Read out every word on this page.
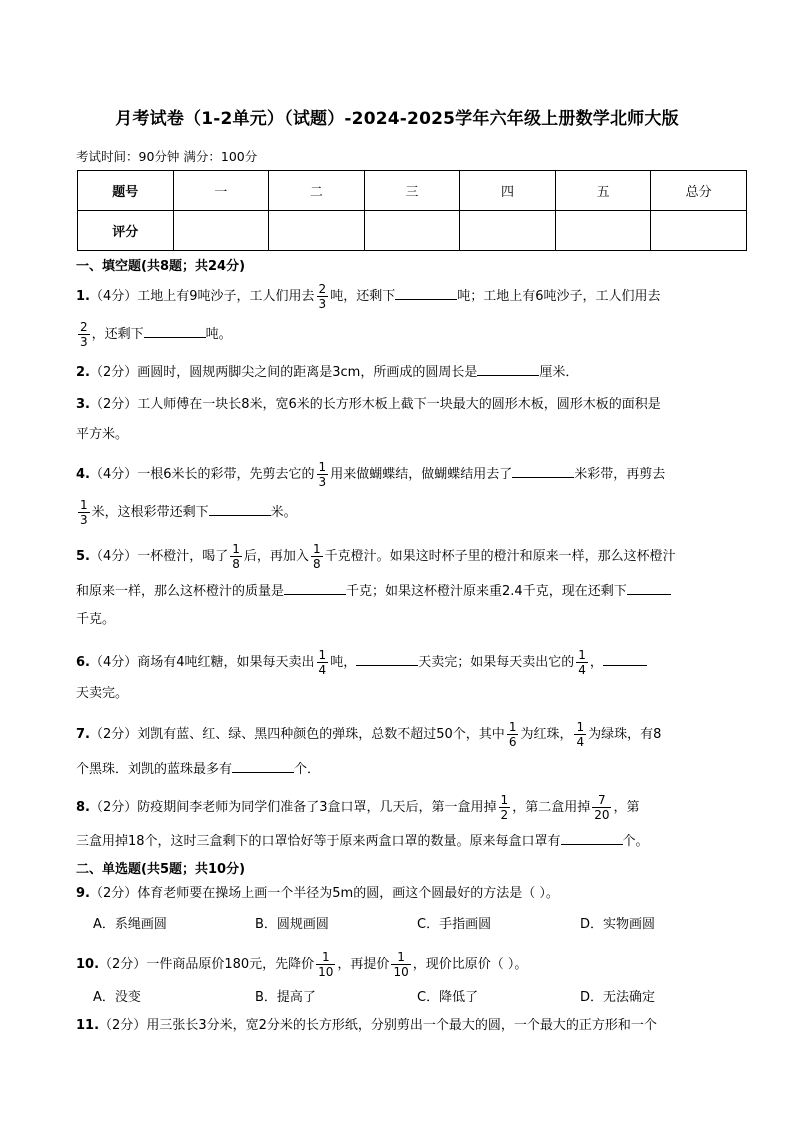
月考试卷（1-2单元）（试题）-2024-2025学年六年级上册数学北师大版
考试时间：90分钟 满分：100分
题号	一	二	三	四	五	总分
评分						
一、填空题(共8题；共24分)
1.（4分）工地上有9吨沙子，工人们用去 $\frac{2}{3}$ 吨，还剩下	吨；工地上有6吨沙子，工人们用去
$\frac{2}{3}$ ，还剩下	吨。
2.（2分）画圆时，圆规两脚尖之间的距离是3cm，所画成的圆周长是	厘米．
3.（2分）工人师傅在一块长8米，宽6米的长方形木板上截下一块最大的圆形木板，圆形木板的面积是
平方米。
4.（4分）一根6米长的彩带，先剪去它的 $\frac{1}{3}$ 用来做蝴蝶结，做蝴蝶结用去了	米彩带，再剪去
$\frac{1}{3}$ 米，这根彩带还剩下	米。
5.（4分）一杯橙汁，喝了 $\frac{1}{8}$ 后，再加入 $\frac{1}{8}$ 千克橙汁。如果这时杯子里的橙汁和原来一样，那么这杯橙汁
和原来一样，那么这杯橙汁的质量是	千克；如果这杯橙汁原来重2.4千克，现在还剩下
千克。
6.（4分）商场有4吨红糖，如果每天卖出 $\frac{1}{4}$ 吨，	天卖完；如果每天卖出它的 $\frac{1}{4}$ ，
天卖完。
7.（2分）刘凯有蓝、红、绿、黑四种颜色的弹珠，总数不超过50个，其中 $\frac{1}{6}$ 为红珠， $\frac{1}{4}$ 为绿珠，有8
个黑珠．刘凯的蓝珠最多有	个．
8.（2分）防疫期间李老师为同学们准备了3盒口罩，几天后，第一盒用掉 $\frac{1}{2}$ ，第二盒用掉 $\frac{7}{20}$ ，第
三盒用掉18个，这时三盒剩下的口罩恰好等于原来两盒口罩的数量。原来每盒口罩有	个。
二、单选题(共5题；共10分)
9.（2分）体育老师要在操场上画一个半径为5m的圆，画这个圆最好的方法是（ ）。
A．系绳画圆	B．圆规画圆	C．手指画圆	D．实物画圆
10.（2分）一件商品原价180元，先降价 $\frac{1}{10}$ ，再提价 $\frac{1}{10}$ ，现价比原价（ ）。
A．没变	B．提高了	C．降低了	D．无法确定
11.（2分）用三张长3分米，宽2分米的长方形纸，分别剪出一个最大的圆，一个最大的正方形和一个
